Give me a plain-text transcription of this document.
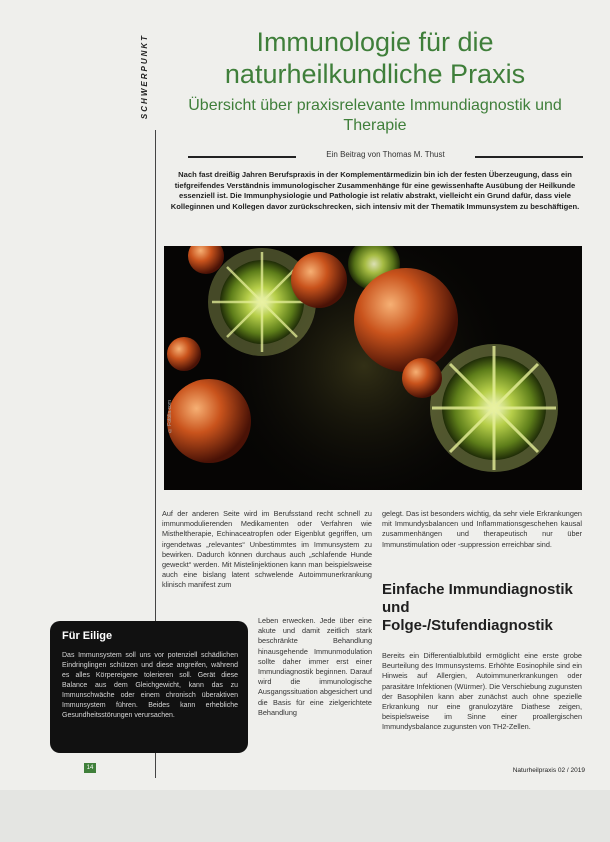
SCHWERPUNKT	Immunologie für die naturheilkundliche Praxis
Übersicht über praxisrelevante Immundiagnostik und Therapie
Ein Beitrag von Thomas M. Thust
Nach fast dreißig Jahren Berufspraxis in der Komplementärmedizin bin ich der festen Überzeugung, dass ein tiefgreifendes Verständnis immunologischer Zusammenhänge für eine gewissenhafte Ausübung der Heilkunde essenziell ist. Die Immunphysiologie und Pathologie ist relativ abstrakt, vielleicht ein Grund dafür, dass viele Kolleginnen und Kollegen davor zurückschrecken, sich intensiv mit der Thematik Immunsystem zu beschäftigen.
© Fotolia.com
Auf der anderen Seite wird im Berufsstand recht schnell zu immunmodulierenden Medikamenten oder Verfahren wie Mistheltherapie, Echinaceatropfen oder Eigenblut gegriffen, um irgendetwas „relevantes“ Unbestimmtes im Immunsystem zu bewirken. Dadurch können durchaus auch „schlafende Hunde geweckt“ werden. Mit Mistelinjektionen kann man beispielsweise auch eine bislang latent schwelende Autoimmunerkrankung klinisch manifest zum
Leben erwecken. Jede über eine akute und damit zeitlich stark beschränkte Behandlung hinausgehende Immunmodulation sollte daher immer erst einer Immundiagnostik beginnen. Darauf wird die immunologische Ausgangssituation abgesichert und die Basis für eine zielgerichtete Behandlung
gelegt. Das ist besonders wichtig, da sehr viele Erkrankungen mit Immundysbalancen und Inflammationsgeschehen kausal zusammenhängen und therapeutisch nur über Immunstimulation oder -suppression erreichbar sind.
Einfache Immundiagnostik und Folge-/Stufendiagnostik
Bereits ein Differentialblutbild ermöglicht eine erste grobe Beurteilung des Immunsystems. Erhöhte Eosinophile sind ein Hinweis auf Allergien, Autoimmunerkrankungen oder parasitäre Infektionen (Würmer). Die Verschiebung zugunsten der Basophilen kann aber zunächst auch ohne spezielle Erkrankung nur eine granulozytäre Diathese zeigen, beispielsweise im Sinne einer proallergischen Immundysbalance zugunsten von TH2-Zellen.
Für Eilige
Das Immunsystem soll uns vor potenziell schädlichen Eindringlingen schützen und diese angreifen, während es alles Körpereigene tolerieren soll. Gerät diese Balance aus dem Gleichgewicht, kann das zu Immunschwäche oder einem chronisch überaktiven Immunsystem führen. Beides kann erhebliche Gesundheitsstörungen verursachen.
14	Naturheilpraxis 02 / 2019
